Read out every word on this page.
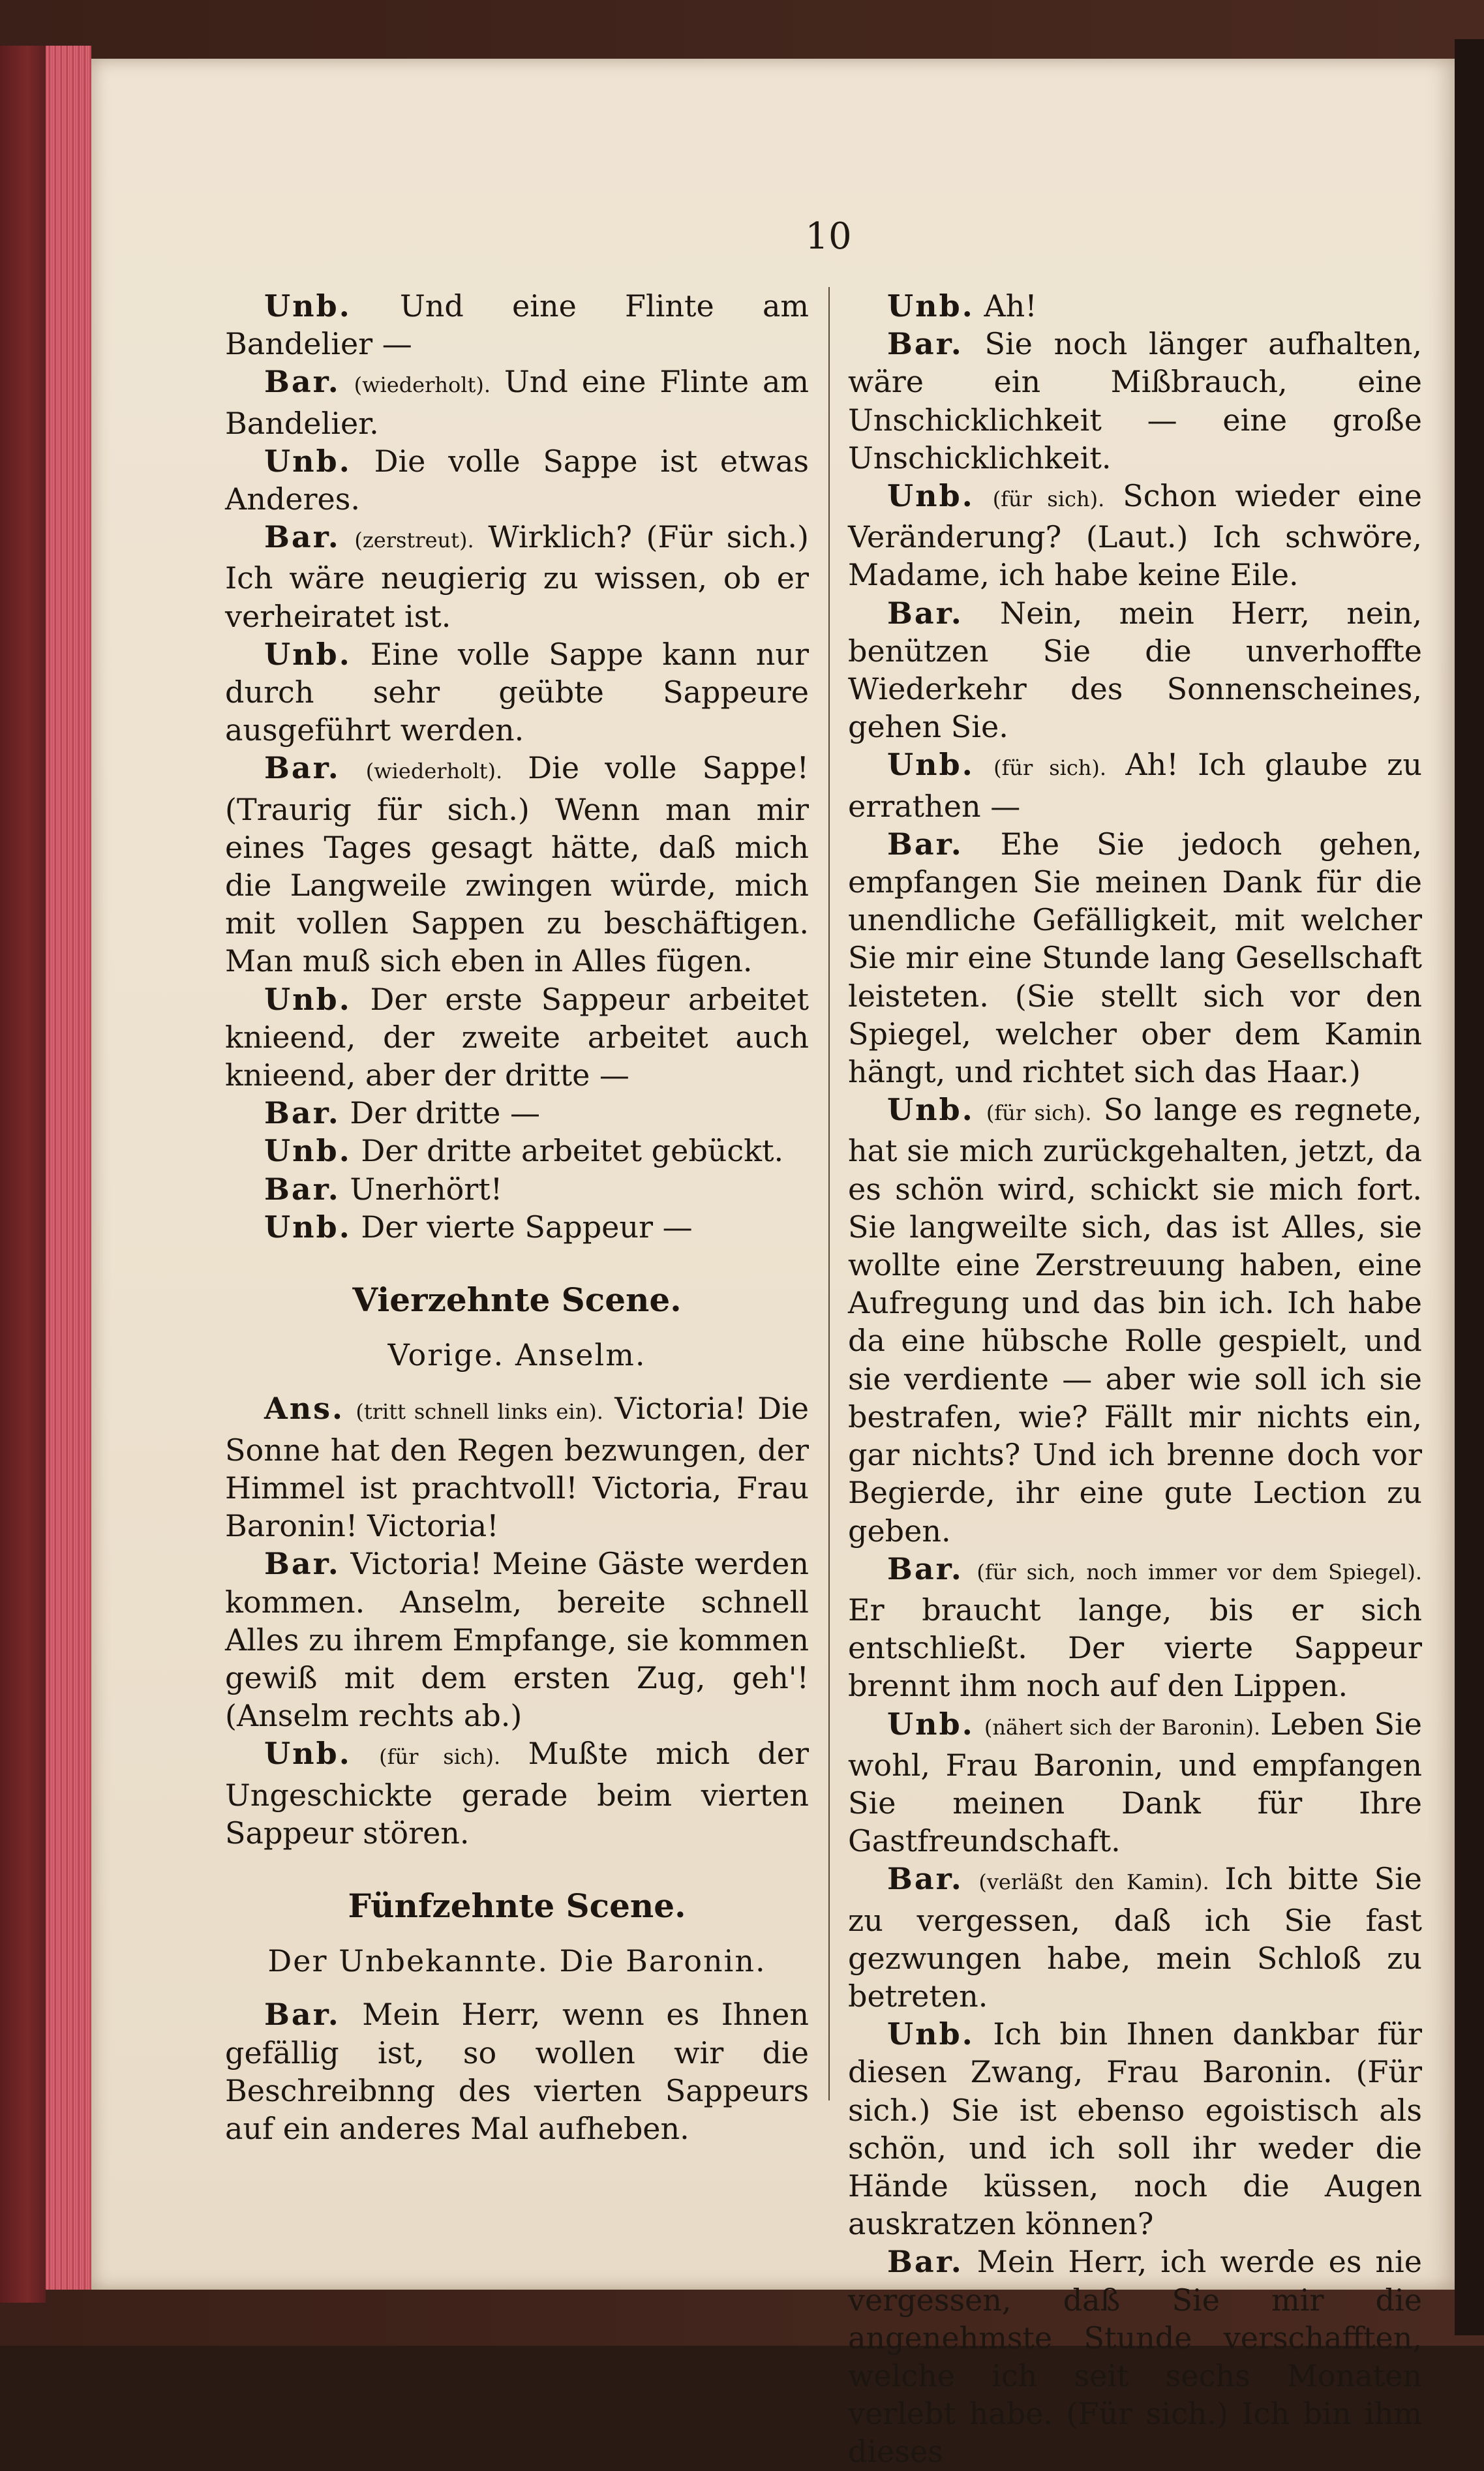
10

Unb. Und eine Flinte am Bandelier —

Bar. (wiederholt). Und eine Flinte am Bandelier.

Unb. Die volle Sappe ist etwas Anderes.

Bar. (zerstreut). Wirklich? (Für sich.) Ich wäre neugierig zu wissen, ob er verheiratet ist.

Unb. Eine volle Sappe kann nur durch sehr geübte Sappeure ausgeführt werden.

Bar. (wiederholt). Die volle Sappe! (Traurig für sich.) Wenn man mir eines Tages gesagt hätte, daß mich die Langweile zwingen würde, mich mit vollen Sappen zu beschäftigen. Man muß sich eben in Alles fügen.

Unb. Der erste Sappeur arbeitet knieend, der zweite arbeitet auch knieend, aber der dritte —

Bar. Der dritte —

Unb. Der dritte arbeitet gebückt.

Bar. Unerhört!

Unb. Der vierte Sappeur —

Vierzehnte Scene.

Vorige. Anselm.

Ans. (tritt schnell links ein). Victoria! Die Sonne hat den Regen bezwungen, der Himmel ist prachtvoll! Victoria, Frau Baronin! Victoria!

Bar. Victoria! Meine Gäste werden kommen. Anselm, bereite schnell Alles zu ihrem Empfange, sie kommen gewiß mit dem ersten Zug, geh'! (Anselm rechts ab.)

Unb. (für sich). Mußte mich der Ungeschickte gerade beim vierten Sappeur stören.

Fünfzehnte Scene.

Der Unbekannte. Die Baronin.

Bar. Mein Herr, wenn es Ihnen gefällig ist, so wollen wir die Beschreibnng des vierten Sappeurs auf ein anderes Mal aufheben.

Unb. Ah!

Bar. Sie noch länger aufhalten, wäre ein Mißbrauch, eine Unschicklichkeit — eine große Unschicklichkeit.

Unb. (für sich). Schon wieder eine Veränderung? (Laut.) Ich schwöre, Madame, ich habe keine Eile.

Bar. Nein, mein Herr, nein, benützen Sie die unverhoffte Wiederkehr des Sonnenscheines, gehen Sie.

Unb. (für sich). Ah! Ich glaube zu errathen —

Bar. Ehe Sie jedoch gehen, empfangen Sie meinen Dank für die unendliche Gefälligkeit, mit welcher Sie mir eine Stunde lang Gesellschaft leisteten. (Sie stellt sich vor den Spiegel, welcher ober dem Kamin hängt, und richtet sich das Haar.)

Unb. (für sich). So lange es regnete, hat sie mich zurückgehalten, jetzt, da es schön wird, schickt sie mich fort. Sie langweilte sich, das ist Alles, sie wollte eine Zerstreuung haben, eine Aufregung und das bin ich. Ich habe da eine hübsche Rolle gespielt, und sie verdiente — aber wie soll ich sie bestrafen, wie? Fällt mir nichts ein, gar nichts? Und ich brenne doch vor Begierde, ihr eine gute Lection zu geben.

Bar. (für sich, noch immer vor dem Spiegel). Er braucht lange, bis er sich entschließt. Der vierte Sappeur brennt ihm noch auf den Lippen.

Unb. (nähert sich der Baronin). Leben Sie wohl, Frau Baronin, und empfangen Sie meinen Dank für Ihre Gastfreundschaft.

Bar. (verläßt den Kamin). Ich bitte Sie zu vergessen, daß ich Sie fast gezwungen habe, mein Schloß zu betreten.

Unb. Ich bin Ihnen dankbar für diesen Zwang, Frau Baronin. (Für sich.) Sie ist ebenso egoistisch als schön, und ich soll ihr weder die Hände küssen, noch die Augen auskratzen können?

Bar. Mein Herr, ich werde es nie vergessen, daß Sie mir die angenehmste Stunde verschafften, welche ich seit sechs Monaten verlebt habe. (Für sich.) Ich bin ihm dieses
